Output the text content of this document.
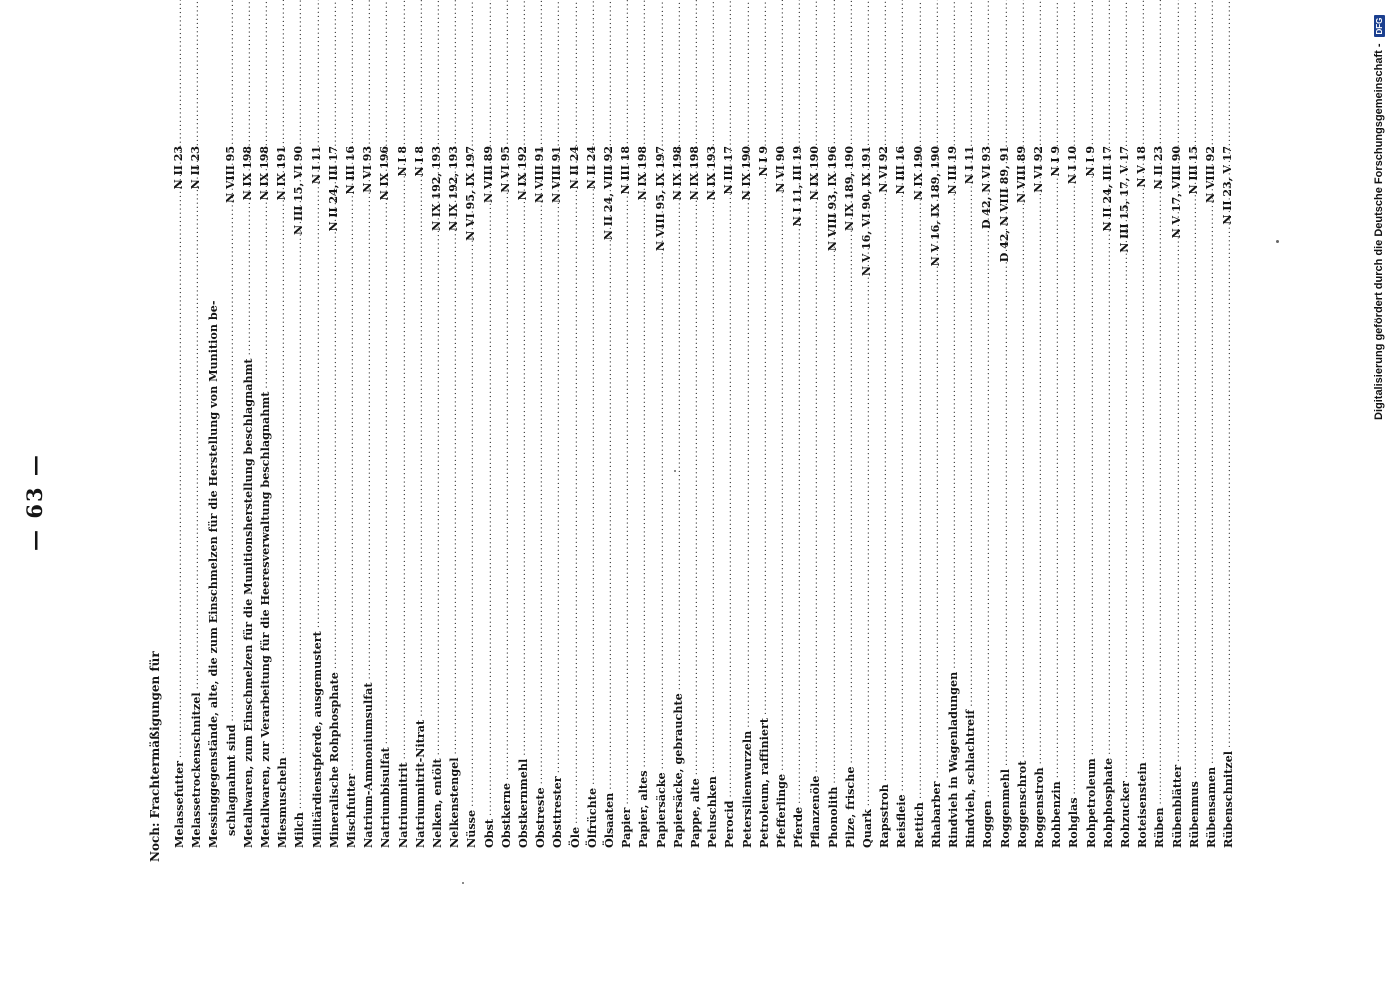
— 63 —
Noch: Frachtermäßigungen für Melassefutter
.....
N II 23
Melassetrockenschnitzel
.....
N II 23
Messinggegenstände, alte, die zum Einschmelzen für die Herstellung von Munition be- schlagnahmt sind
.....
N VIII 95
Metallwaren, zum Einschmelzen für die Munitionsherstellung beschlagnahmt
.....
N IX 198
Metallwaren, zur Verarbeitung für die Heeresverwaltung beschlagnahmt
.....
N IX 198
Miesmuscheln
.....
N IX 191
Milch
.....
N III 15, VI 90
Militärdienstpferde, ausgemustert
.....
N I 11
Mineralische Rohphosphate
.....
N II 24, III 17
Mischfutter
.....
N III 16
Natrium-Ammoniumsulfat
.....
N VI 93
Natriumbisulfat
.....
N IX 196
Natriumnitrit
.....
N I 8
Natriumnitrit-Nitrat
.....
N I 8
Nelken, entölt
.....
N IX 192, 193
Nelkenstengel
.....
N IX 192, 193
Nüsse
.....
N VI 95, IX 197
Obst
.....
N VIII 89
Obstkerne
.....
N VI 95
Obstkernmehl
.....
N IX 192
Obstreste
.....
N VIII 91
Obsttrester
.....
N VIII 91
Öle
.....
N II 24
Ölfrüchte
.....
N II 24
Ölsaaten
.....
N II 24, VIII 92
Papier
.....
N III 18
Papier, altes
.....
N IX 198
Papiersäcke
.....
N VIII 95, IX 197
Papiersäcke, gebrauchte
.....
N IX 198
Pappe, alte
.....
N IX 198
Peluschken
.....
N IX 193
Perocid
.....
N III 17
Petersilienwurzeln
.....
N IX 190
Petroleum, raffiniert
.....
N I 9
Pfefferlinge
.....
N VI 90
Pferde
.....
N I 11, III 19
Pflanzenöle
.....
N IX 190
Phonolith
.....
N VIII 93, IX 196
Pilze, frische
.....
N IX 189, 190
Quark
.....
N V 16, VI 90, IX 191
Rapsstroh
.....
N VI 92
Reisfleie
.....
N III 16
Rettich
.....
N IX 190
Rhabarber
.....
N V 16, IX 189, 190
Rindvieh in Wagenladungen
.....
N III 19
Rindvieh, schlachtreif
.....
N I 11
Roggen
.....
D 42, N VI 93
Roggenmehl
.....
D 42, N VIII 89, 91
Roggenschrot
.....
N VIII 89
Roggenstroh
.....
N VI 92
Rohbenzin
.....
N I 9
Rohglas
.....
N I 10
Rohpetroleum
.....
N I 9
Rohphosphate
.....
N II 24, III 17
Rohzucker
.....
N III 15, 17, V 17
Roteisenstein
.....
N V 18
Rüben
.....
N II 23
Rübenblätter
.....
N V 17, VIII 90
Rübenmus
.....
N III 15
Rübensamen
.....
N VIII 92
Rübenschnitzel
.....
N II 23, V 17	Digitalisierung gefördert durch die Deutsche Forschungsgemeinschaft -
DFG
